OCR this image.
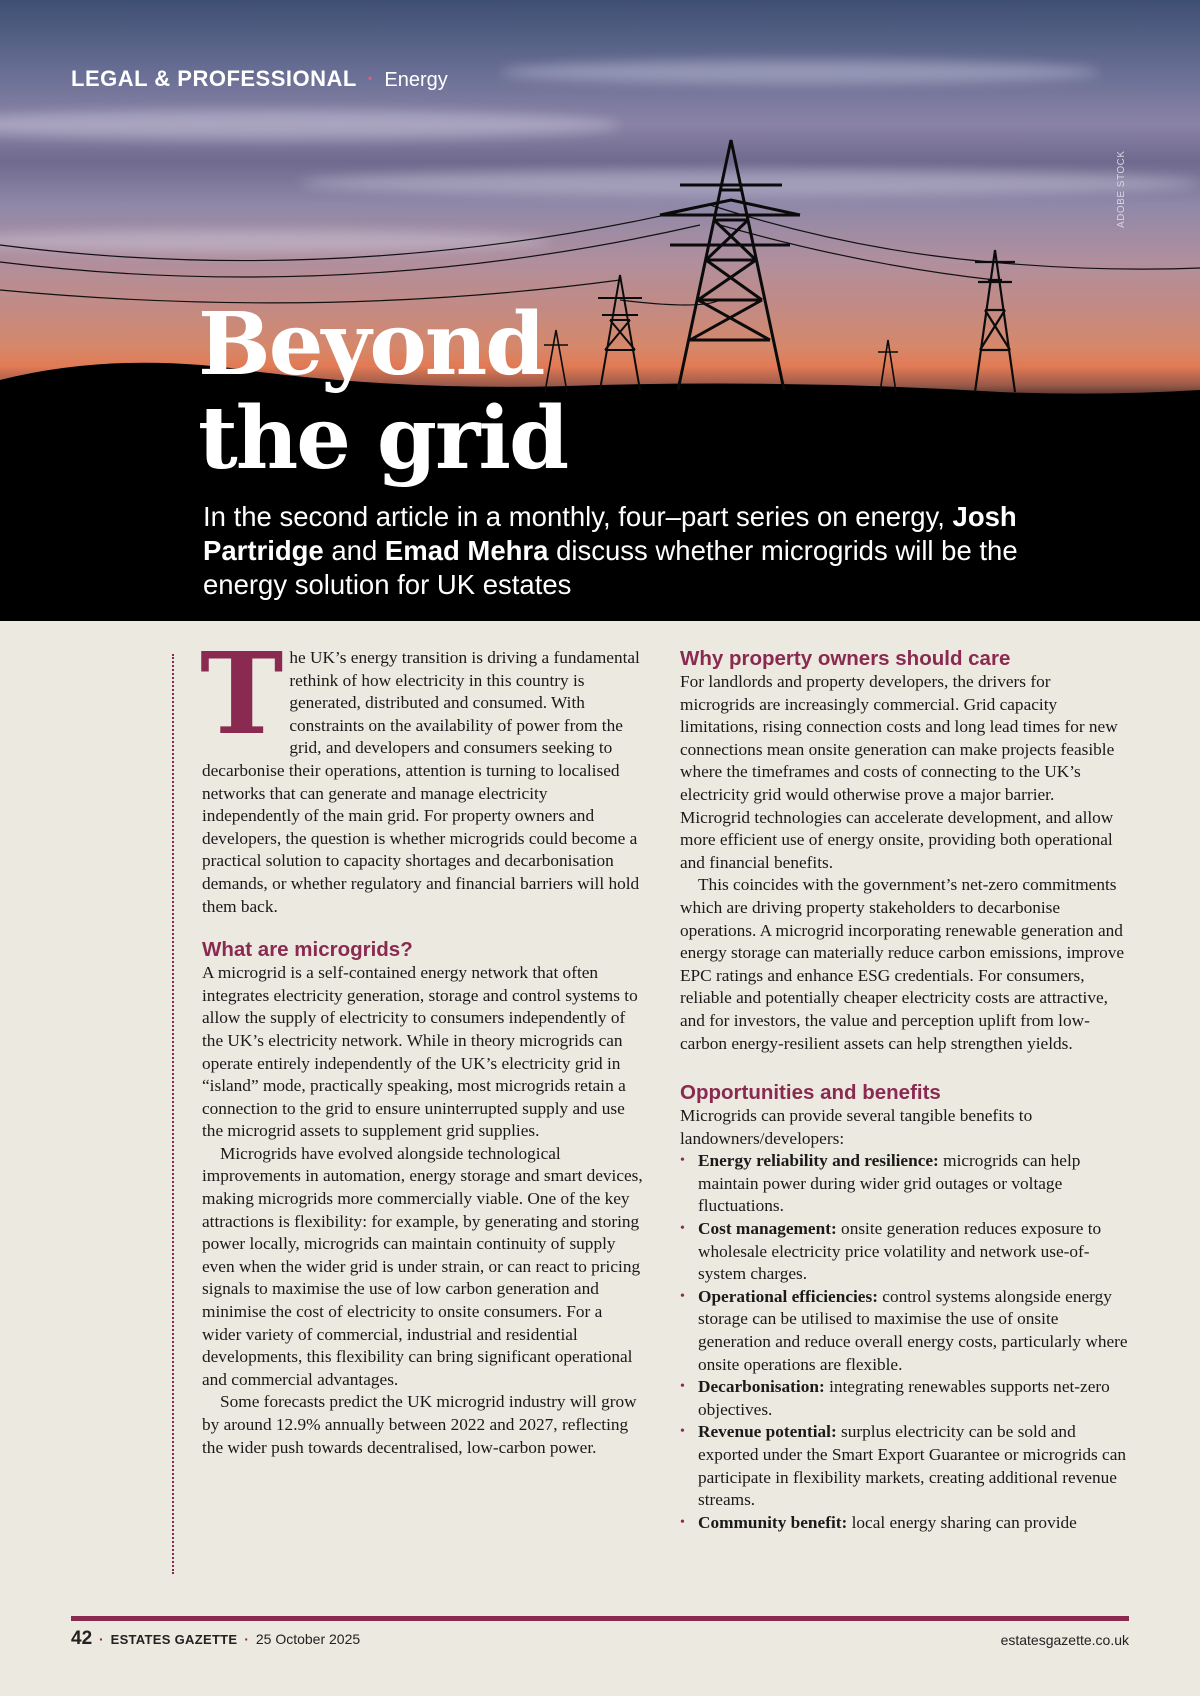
LEGAL & PROFESSIONAL · Energy
ADOBE STOCK
Beyond
the grid

In the second article in a monthly, four–part series on energy, Josh Partridge and Emad Mehra discuss whether microgrids will be the energy solution for UK estates

The UK’s energy transition is driving a fundamental rethink of how electricity in this country is generated, distributed and consumed. With constraints on the availability of power from the grid, and developers and consumers seeking to decarbonise their operations, attention is turning to localised networks that can generate and manage electricity independently of the main grid. For property owners and developers, the question is whether microgrids could become a practical solution to capacity shortages and decarbonisation demands, or whether regulatory and financial barriers will hold them back.

What are microgrids?

A microgrid is a self-contained energy network that often integrates electricity generation, storage and control systems to allow the supply of electricity to consumers independently of the UK’s electricity network. While in theory microgrids can operate entirely independently of the UK’s electricity grid in “island” mode, practically speaking, most microgrids retain a connection to the grid to ensure uninterrupted supply and use the microgrid assets to supplement grid supplies.

Microgrids have evolved alongside technological improvements in automation, energy storage and smart devices, making microgrids more commercially viable. One of the key attractions is flexibility: for example, by generating and storing power locally, microgrids can maintain continuity of supply even when the wider grid is under strain, or can react to pricing signals to maximise the use of low carbon generation and minimise the cost of electricity to onsite consumers. For a wider variety of commercial, industrial and residential developments, this flexibility can bring significant operational and commercial advantages.

Some forecasts predict the UK microgrid industry will grow by around 12.9% annually between 2022 and 2027, reflecting the wider push towards decentralised, low-carbon power.

Why property owners should care

For landlords and property developers, the drivers for microgrids are increasingly commercial. Grid capacity limitations, rising connection costs and long lead times for new connections mean onsite generation can make projects feasible where the timeframes and costs of connecting to the UK’s electricity grid would otherwise prove a major barrier. Microgrid technologies can accelerate development, and allow more efficient use of energy onsite, providing both operational and financial benefits.

This coincides with the government’s net-zero commitments which are driving property stakeholders to decarbonise operations. A microgrid incorporating renewable generation and energy storage can materially reduce carbon emissions, improve EPC ratings and enhance ESG credentials. For consumers, reliable and potentially cheaper electricity costs are attractive, and for investors, the value and perception uplift from low-carbon energy-resilient assets can help strengthen yields.

Opportunities and benefits

Microgrids can provide several tangible benefits to landowners/developers:

• Energy reliability and resilience: microgrids can help maintain power during wider grid outages or voltage fluctuations.
• Cost management: onsite generation reduces exposure to wholesale electricity price volatility and network use-of-system charges.
• Operational efficiencies: control systems alongside energy storage can be utilised to maximise the use of onsite generation and reduce overall energy costs, particularly where onsite operations are flexible.
• Decarbonisation: integrating renewables supports net-zero objectives.
• Revenue potential: surplus electricity can be sold and exported under the Smart Export Guarantee or microgrids can participate in flexibility markets, creating additional revenue streams.
• Community benefit: local energy sharing can provide
42 · ESTATES GAZETTE · 25 October 2025	estatesgazette.co.uk
